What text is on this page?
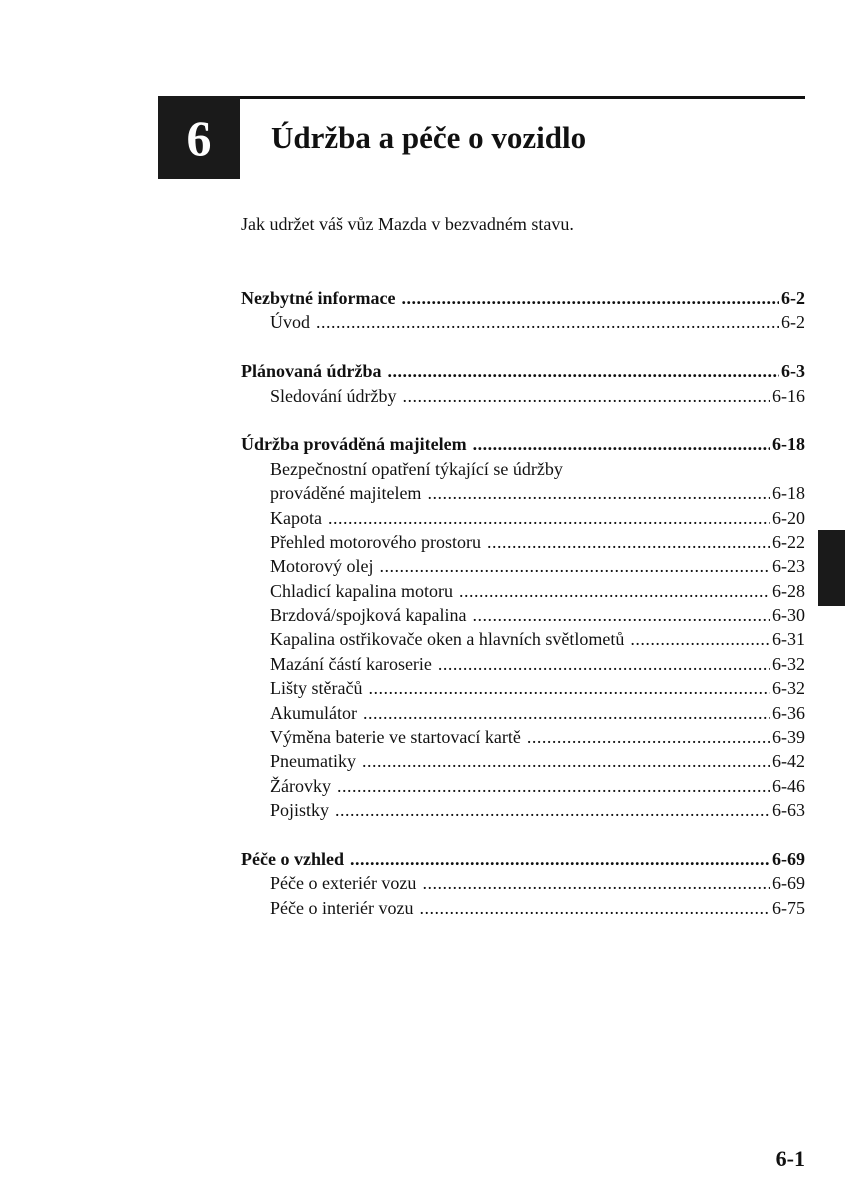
6 Údržba a péče o vozidlo
Jak udržet váš vůz Mazda v bezvadném stavu.
Nezbytné informace .....	6-2
Úvod .....	6-2
Plánovaná údržba .....	6-3
Sledování údržby .....	6-16
Údržba prováděná majitelem .....	6-18
Bezpečnostní opatření týkající se údržby
prováděné majitelem .....	6-18
Kapota .....	6-20
Přehled motorového prostoru .....	6-22
Motorový olej .....	6-23
Chladicí kapalina motoru .....	6-28
Brzdová/spojková kapalina .....	6-30
Kapalina ostřikovače oken a hlavních světlometů .....	6-31
Mazání částí karoserie .....	6-32
Lišty stěračů .....	6-32
Akumulátor .....	6-36
Výměna baterie ve startovací kartě .....	6-39
Pneumatiky .....	6-42
Žárovky .....	6-46
Pojistky .....	6-63
Péče o vzhled .....	6-69
Péče o exteriér vozu .....	6-69
Péče o interiér vozu .....	6-75
6-1
